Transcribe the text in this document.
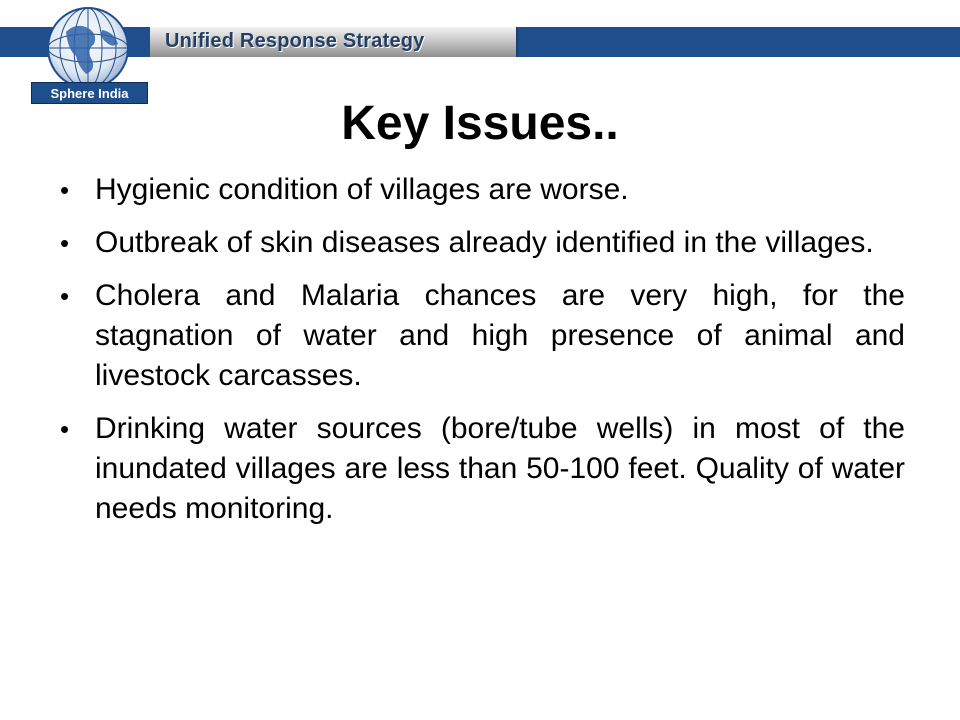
Unified Response Strategy
Sphere India
Key Issues..
• Hygienic condition of villages are worse.
• Outbreak of skin diseases already identified in the villages.
• Cholera and Malaria chances are very high, for the stagnation of water and high presence of animal and livestock carcasses.
• Drinking water sources (bore/tube wells) in most of the inundated villages are less than 50-100 feet. Quality of water needs monitoring.
